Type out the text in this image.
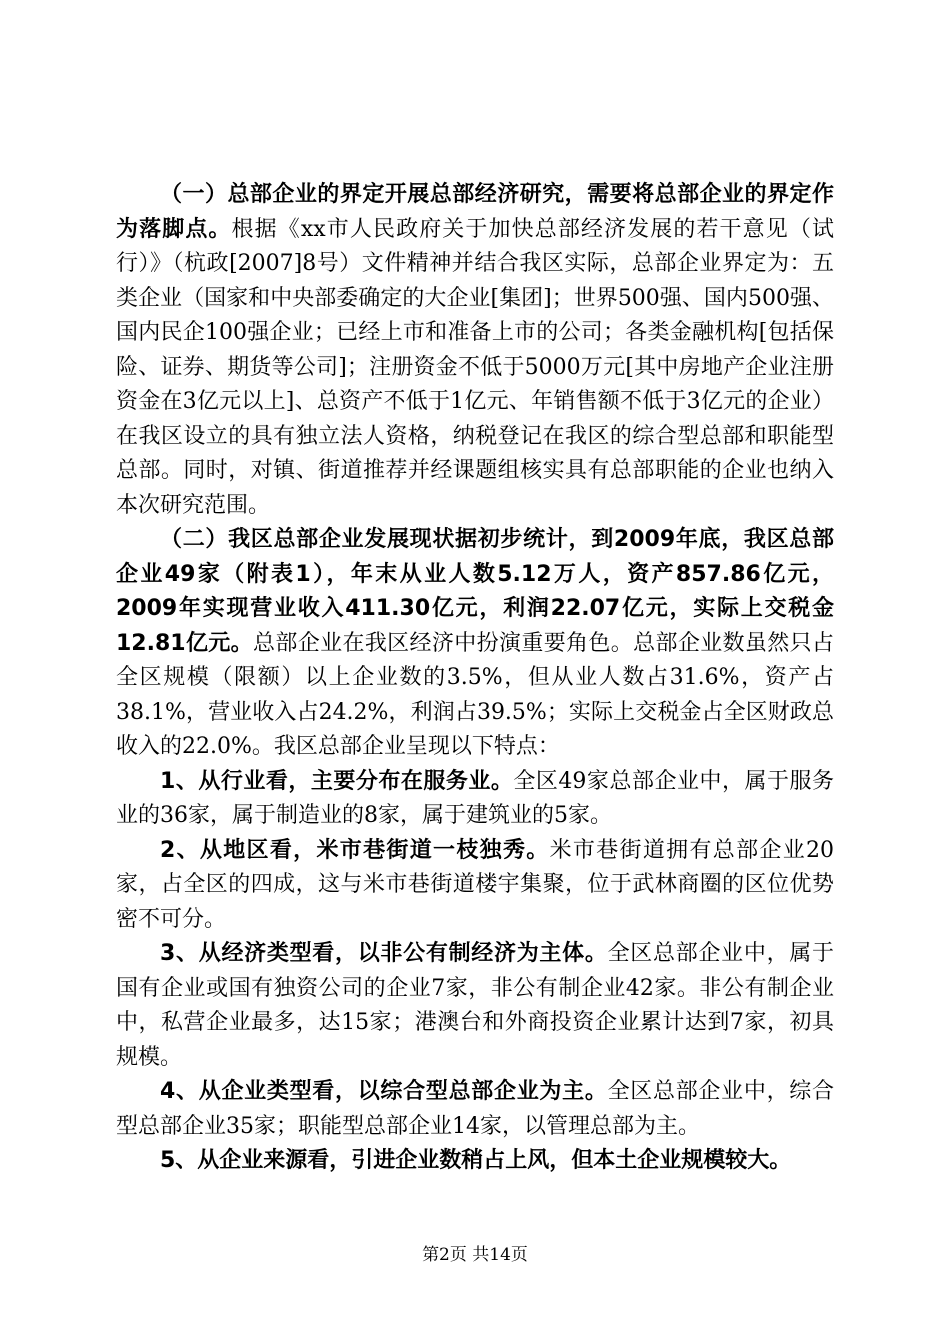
（一）总部企业的界定开展总部经济研究，需要将总部企业的界定作为落脚点。根据《xx市人民政府关于加快总部经济发展的若干意见（试行）》（杭政[2007]8号）文件精神并结合我区实际，总部企业界定为：五类企业（国家和中央部委确定的大企业[集团]；世界500强、国内500强、国内民企100强企业；已经上市和准备上市的公司；各类金融机构[包括保险、证券、期货等公司]；注册资金不低于5000万元[其中房地产企业注册资金在3亿元以上]、总资产不低于1亿元、年销售额不低于3亿元的企业）在我区设立的具有独立法人资格，纳税登记在我区的综合型总部和职能型总部。同时，对镇、街道推荐并经课题组核实具有总部职能的企业也纳入本次研究范围。

（二）我区总部企业发展现状据初步统计，到2009年底，我区总部企业49家（附表1），年末从业人数5.12万人，资产857.86亿元，2009年实现营业收入411.30亿元，利润22.07亿元，实际上交税金12.81亿元。总部企业在我区经济中扮演重要角色。总部企业数虽然只占全区规模（限额）以上企业数的3.5%，但从业人数占31.6%，资产占38.1%，营业收入占24.2%，利润占39.5%；实际上交税金占全区财政总收入的22.0%。我区总部企业呈现以下特点：

1、从行业看，主要分布在服务业。全区49家总部企业中，属于服务业的36家，属于制造业的8家，属于建筑业的5家。

2、从地区看，米市巷街道一枝独秀。米市巷街道拥有总部企业20家，占全区的四成，这与米市巷街道楼宇集聚，位于武林商圈的区位优势密不可分。

3、从经济类型看，以非公有制经济为主体。全区总部企业中，属于国有企业或国有独资公司的企业7家，非公有制企业42家。非公有制企业中，私营企业最多，达15家；港澳台和外商投资企业累计达到7家，初具规模。

4、从企业类型看，以综合型总部企业为主。全区总部企业中，综合型总部企业35家；职能型总部企业14家，以管理总部为主。

5、从企业来源看，引进企业数稍占上风，但本土企业规模较大。

第2页 共14页
